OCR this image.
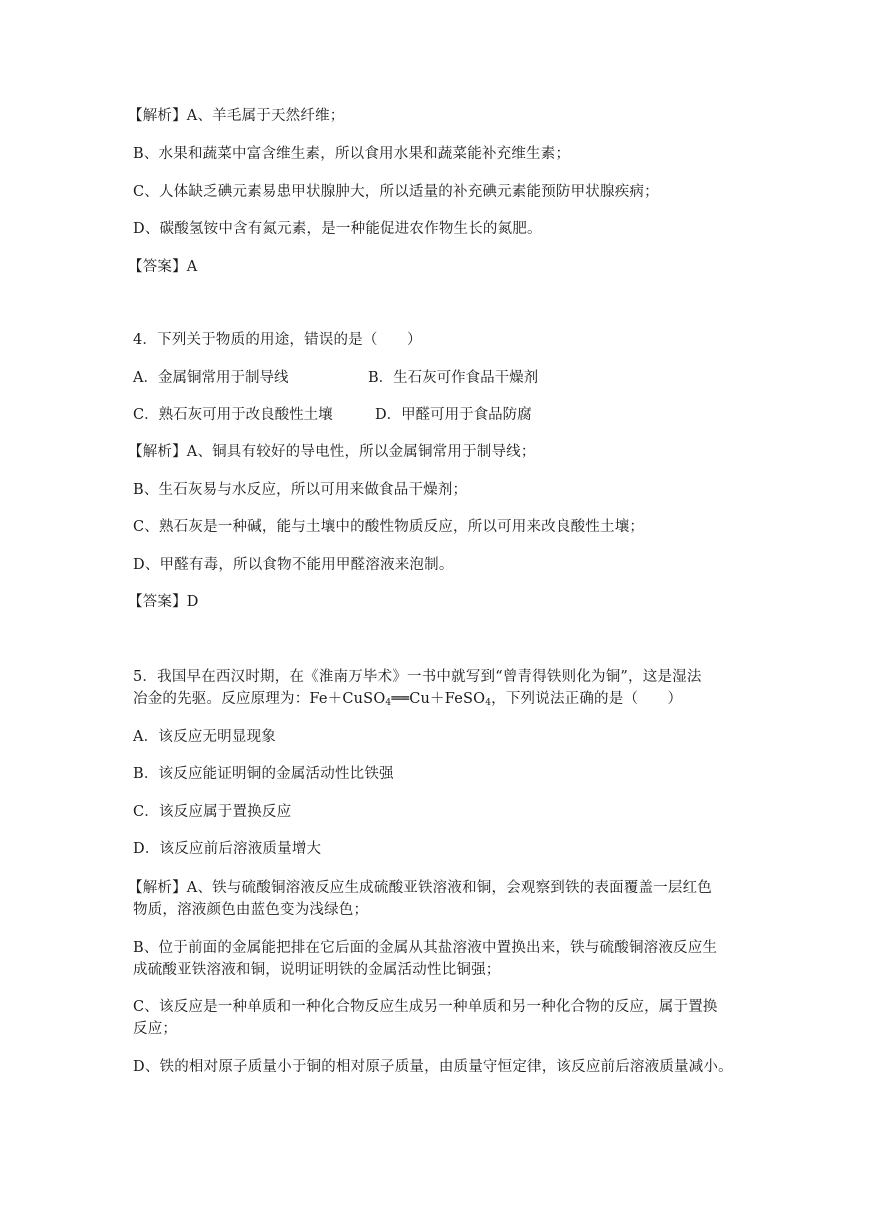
【解析】A、羊毛属于天然纤维；
B、水果和蔬菜中富含维生素，所以食用水果和蔬菜能补充维生素；
C、人体缺乏碘元素易患甲状腺肿大，所以适量的补充碘元素能预防甲状腺疾病；
D、碳酸氢铵中含有氮元素，是一种能促进农作物生长的氮肥。
【答案】A
4．下列关于物质的用途，错误的是（　　）
A．金属铜常用于制导线	B．生石灰可作食品干燥剂
C．熟石灰可用于改良酸性土壤	D．甲醛可用于食品防腐
【解析】A、铜具有较好的导电性，所以金属铜常用于制导线；
B、生石灰易与水反应，所以可用来做食品干燥剂；
C、熟石灰是一种碱，能与土壤中的酸性物质反应，所以可用来改良酸性土壤；
D、甲醛有毒，所以食物不能用甲醛溶液来泡制。
【答案】D
5．我国早在西汉时期，在《淮南万毕术》一书中就写到“曾青得铁则化为铜”，这是湿法
冶金的先驱。反应原理为：Fe＋CuSO$_4$══Cu＋FeSO$_4$，下列说法正确的是（　　）
A．该反应无明显现象
B．该反应能证明铜的金属活动性比铁强
C．该反应属于置换反应
D．该反应前后溶液质量增大
【解析】A、铁与硫酸铜溶液反应生成硫酸亚铁溶液和铜，会观察到铁的表面覆盖一层红色
物质，溶液颜色由蓝色变为浅绿色；
B、位于前面的金属能把排在它后面的金属从其盐溶液中置换出来，铁与硫酸铜溶液反应生
成硫酸亚铁溶液和铜，说明证明铁的金属活动性比铜强；
C、该反应是一种单质和一种化合物反应生成另一种单质和另一种化合物的反应，属于置换
反应；
D、铁的相对原子质量小于铜的相对原子质量，由质量守恒定律，该反应前后溶液质量减小。
